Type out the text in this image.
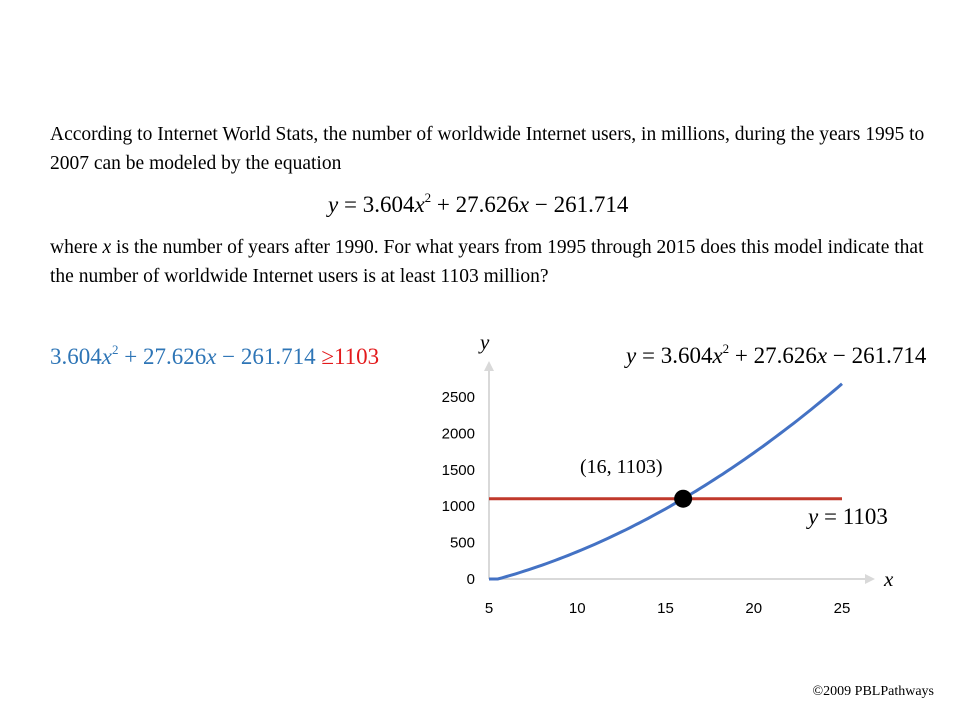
According to Internet World Stats, the number of worldwide Internet users, in millions, during the years 1995 to 2007 can be modeled by the equation

$y = 3.604x^2 + 27.626x - 261.714$

where x is the number of years after 1990. For what years from 1995 through 2015 does this model indicate that the number of worldwide Internet users is at least 1103 million?

$3.604x^2 + 27.626x - 261.714 \ge 1103$
0
500
1000
1500
2000
2500
5	10	15	20	25
$y = 3.604x^2 + 27.626x - 261.714$
y = 1103
(16, 1103)
y
x
©2009 PBLPathways
